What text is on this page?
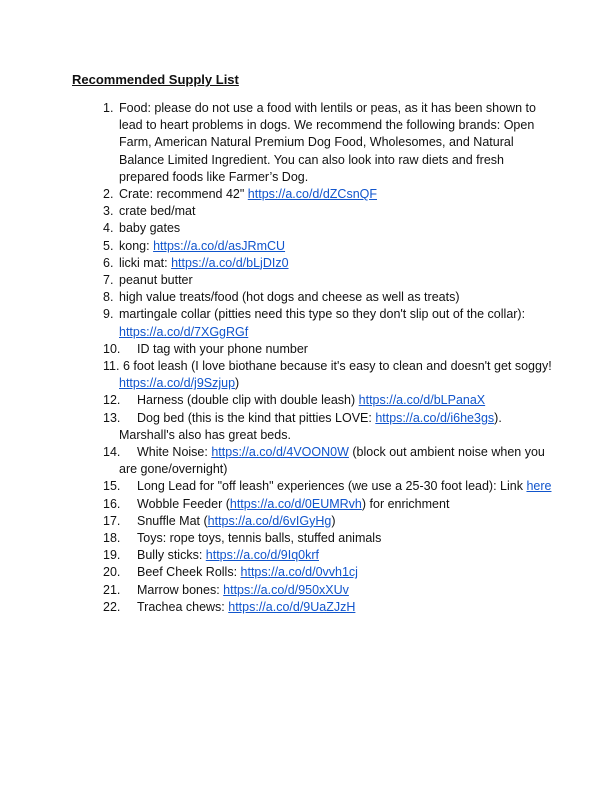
Recommended Supply List
1. Food: please do not use a food with lentils or peas, as it has been shown to lead to heart problems in dogs. We recommend the following brands: Open Farm, American Natural Premium Dog Food, Wholesomes, and Natural Balance Limited Ingredient. You can also look into raw diets and fresh prepared foods like Farmer’s Dog.
2. Crate: recommend 42" https://a.co/d/dZCsnQF
3. crate bed/mat
4. baby gates
5. kong: https://a.co/d/asJRmCU
6. licki mat: https://a.co/d/bLjDIz0
7. peanut butter
8. high value treats/food (hot dogs and cheese as well as treats)
9. martingale collar (pitties need this type so they don't slip out of the collar): https://a.co/d/7XGgRGf
10. ID tag with your phone number
11. 6 foot leash (I love biothane because it's easy to clean and doesn't get soggy! https://a.co/d/j9Szjup)
12. Harness (double clip with double leash) https://a.co/d/bLPanaX
13. Dog bed (this is the kind that pitties LOVE: https://a.co/d/i6he3gs). Marshall's also has great beds.
14. White Noise: https://a.co/d/4VOON0W (block out ambient noise when you are gone/overnight)
15. Long Lead for "off leash" experiences (we use a 25-30 foot lead): Link here
16. Wobble Feeder (https://a.co/d/0EUMRvh) for enrichment
17. Snuffle Mat (https://a.co/d/6vIGyHg)
18. Toys: rope toys, tennis balls, stuffed animals
19. Bully sticks: https://a.co/d/9Iq0krf
20. Beef Cheek Rolls: https://a.co/d/0vvh1cj
21. Marrow bones: https://a.co/d/950xXUv
22. Trachea chews: https://a.co/d/9UaZJzH
